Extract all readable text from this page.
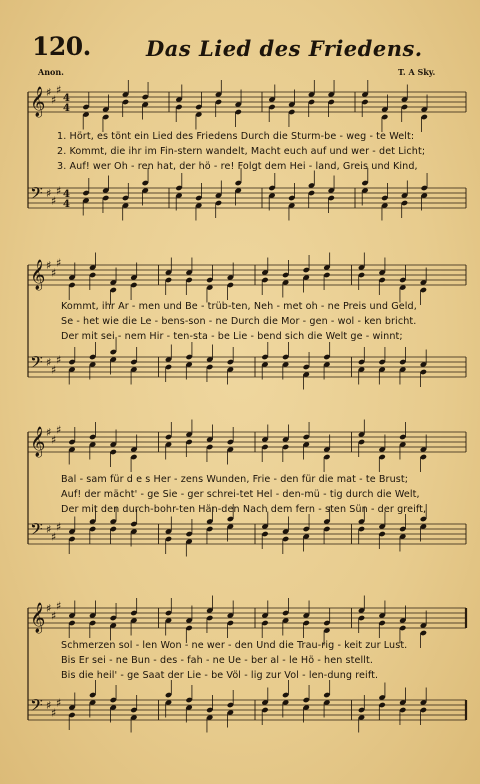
120.	Das Lied des Friedens.
Anon.	T. A Sky.
𝄞
𝄢
♯
♯
♯
♯
♯
♯
4
4
4
4
1. Hört, es tönt ein Lied des Friedens Durch die Sturm-be - weg - te Welt:
2. Kommt, die ihr im Fin-stern wandelt, Macht euch auf und wer - det Licht;
3. Auf! wer Oh - ren hat, der hö - re! Folgt dem Hei - land, Greis und Kind,
𝄞
𝄢
♯
♯
♯
♯
♯
♯
Kommt, ihr Ar - men und Be - trüb-ten, Neh - met oh - ne Preis und Geld,
Se - het wie die Le - bens-son - ne Durch die Mor - gen - wol - ken bricht.
Der mit sei - nem Hir - ten-sta - be Lie - bend sich die Welt ge - winnt;
𝄞
𝄢
♯
♯
♯
♯
♯
♯
Bal - sam für d e s Her - zens Wunden, Frie - den für die mat - te Brust;
Auf! der mächt' - ge Sie - ger schrei-tet Hel - den-mü - tig durch die Welt,
Der mit den durch-bohr-ten Hän-den Nach dem fern - sten Sün - der greift,
𝄞
𝄢
♯
♯
♯
♯
♯
♯
Schmerzen sol - len Won - ne wer - den Und die Trau-rig - keit zur Lust.
Bis Er sei - ne Bun - des - fah - ne Ue - ber al - le Hö - hen stellt.
Bis die heil' - ge Saat der Lie - be Völ - lig zur Vol - len-dung reift.
